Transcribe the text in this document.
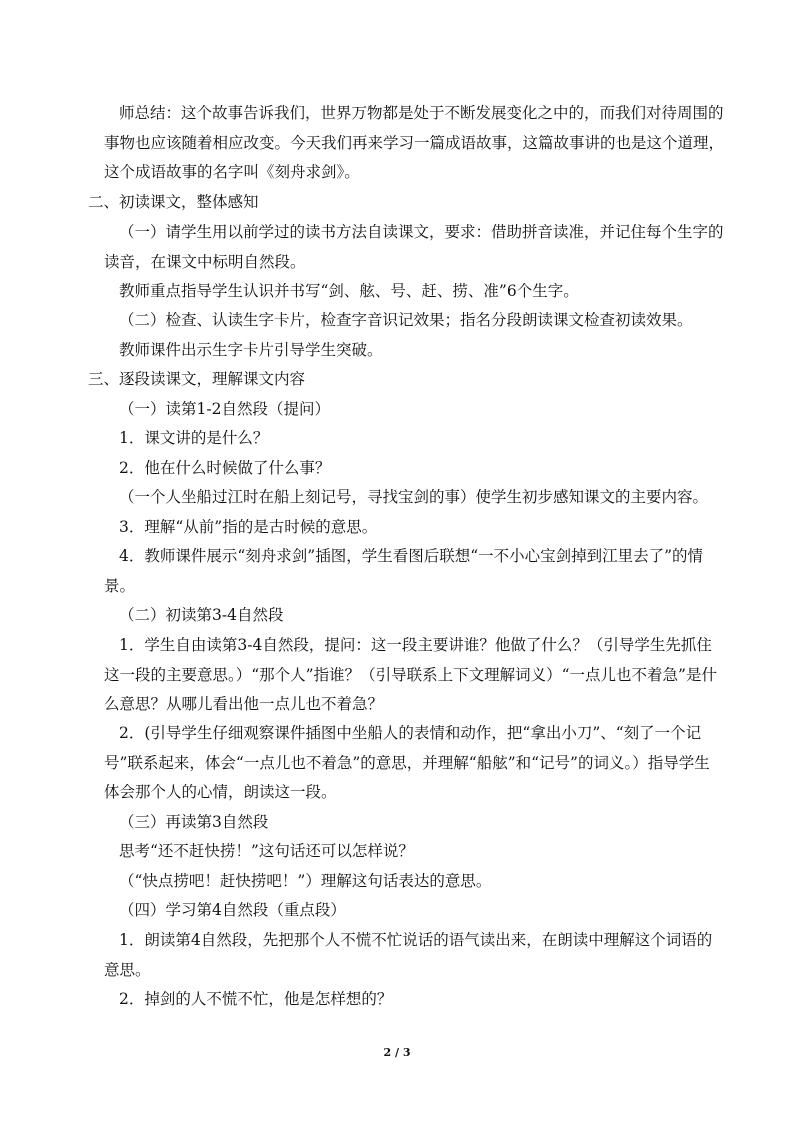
师总结：这个故事告诉我们，世界万物都是处于不断发展变化之中的，而我们对待周围的事物也应该随着相应改变。今天我们再来学习一篇成语故事，这篇故事讲的也是这个道理，这个成语故事的名字叫《刻舟求剑》。

二、初读课文，整体感知

（一）请学生用以前学过的读书方法自读课文，要求：借助拼音读准，并记住每个生字的读音，在课文中标明自然段。

教师重点指导学生认识并书写“剑、舷、号、赶、捞、准”6个生字。

（二）检查、认读生字卡片，检查字音识记效果；指名分段朗读课文检查初读效果。

教师课件出示生字卡片引导学生突破。

三、逐段读课文，理解课文内容

（一）读第1-2自然段（提问）

1．课文讲的是什么？

2．他在什么时候做了什么事？

（一个人坐船过江时在船上刻记号，寻找宝剑的事）使学生初步感知课文的主要内容。

3．理解“从前”指的是古时候的意思。

4．教师课件展示“刻舟求剑”插图，学生看图后联想“一不小心宝剑掉到江里去了”的情景。

（二）初读第3-4自然段

1．学生自由读第3-4自然段，提问：这一段主要讲谁？他做了什么？（引导学生先抓住这一段的主要意思。）“那个人”指谁？（引导联系上下文理解词义）“一点儿也不着急”是什么意思？从哪儿看出他一点儿也不着急？

2．(引导学生仔细观察课件插图中坐船人的表情和动作，把“拿出小刀”、“刻了一个记号”联系起来，体会“一点儿也不着急”的意思，并理解“船舷”和“记号”的词义。）指导学生体会那个人的心情，朗读这一段。

（三）再读第3自然段

思考“还不赶快捞！”这句话还可以怎样说？

（“快点捞吧！赶快捞吧！”）理解这句话表达的意思。

（四）学习第4自然段（重点段）

1．朗读第4自然段，先把那个人不慌不忙说话的语气读出来，在朗读中理解这个词语的意思。

2．掉剑的人不慌不忙，他是怎样想的？

2 / 3
